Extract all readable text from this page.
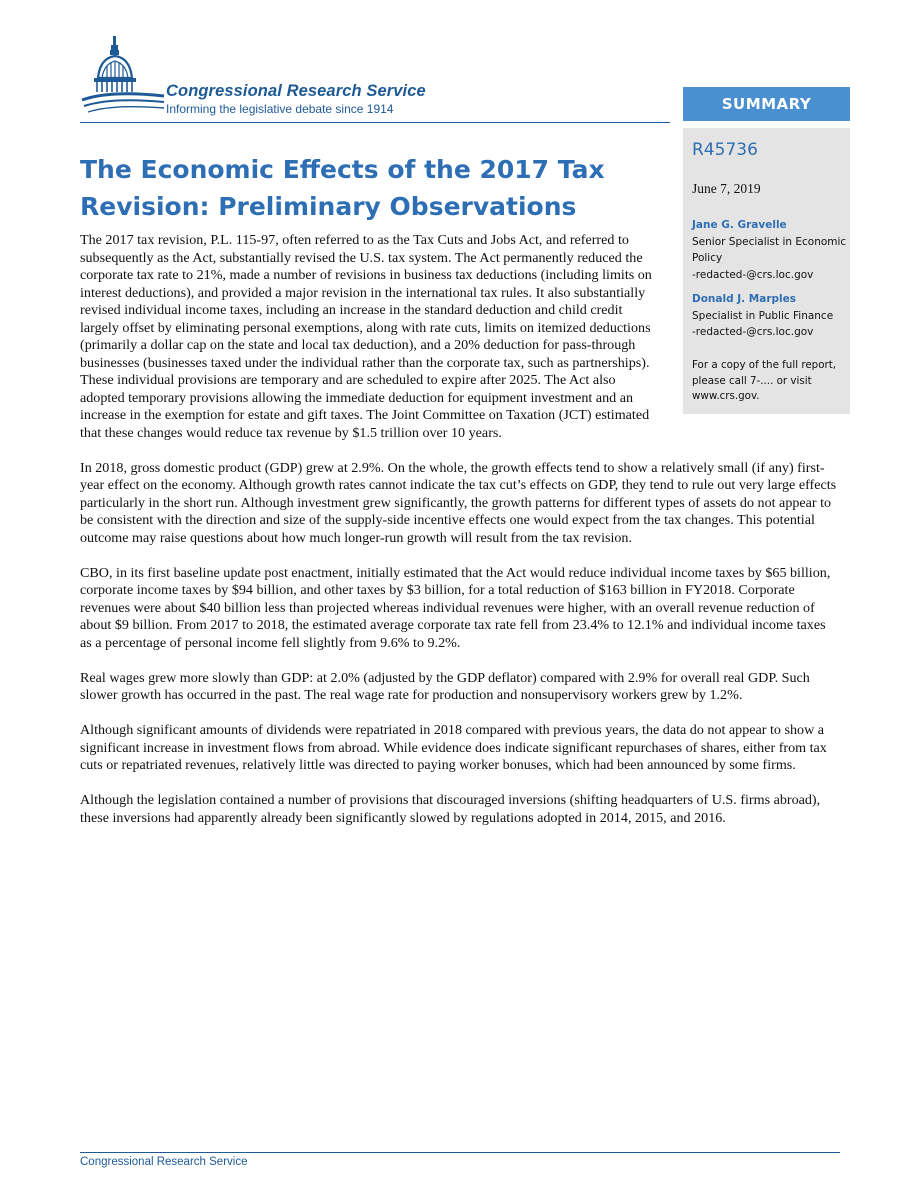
Congressional Research Service
Informing the legislative debate since 1914	SUMMARY
R45736
June 7, 2019
Jane G. Gravelle
Senior Specialist in Economic Policy
-redacted-@crs.loc.gov
Donald J. Marples
Specialist in Public Finance
-redacted-@crs.loc.gov
For a copy of the full report, please call 7-.... or visit www.crs.gov.
The Economic Effects of the 2017 Tax Revision: Preliminary Observations

The 2017 tax revision, P.L. 115-97, often referred to as the Tax Cuts and Jobs Act, and referred to subsequently as the Act, substantially revised the U.S. tax system. The Act permanently reduced the corporate tax rate to 21%, made a number of revisions in business tax deductions (including limits on interest deductions), and provided a major revision in the international tax rules. It also substantially revised individual income taxes, including an increase in the standard deduction and child credit largely offset by eliminating personal exemptions, along with rate cuts, limits on itemized deductions (primarily a dollar cap on the state and local tax deduction), and a 20% deduction for pass-through businesses (businesses taxed under the individual rather than the corporate tax, such as partnerships). These individual provisions are temporary and are scheduled to expire after 2025. The Act also adopted temporary provisions allowing the immediate deduction for equipment investment and an increase in the exemption for estate and gift taxes. The Joint Committee on Taxation (JCT) estimated that these changes would reduce tax revenue by $1.5 trillion over 10 years.

In 2018, gross domestic product (GDP) grew at 2.9%. On the whole, the growth effects tend to show a relatively small (if any) first-year effect on the economy. Although growth rates cannot indicate the tax cut’s effects on GDP, they tend to rule out very large effects particularly in the short run. Although investment grew significantly, the growth patterns for different types of assets do not appear to be consistent with the direction and size of the supply-side incentive effects one would expect from the tax changes. This potential outcome may raise questions about how much longer-run growth will result from the tax revision.

CBO, in its first baseline update post enactment, initially estimated that the Act would reduce individual income taxes by $65 billion, corporate income taxes by $94 billion, and other taxes by $3 billion, for a total reduction of $163 billion in FY2018. Corporate revenues were about $40 billion less than projected whereas individual revenues were higher, with an overall revenue reduction of about $9 billion. From 2017 to 2018, the estimated average corporate tax rate fell from 23.4% to 12.1% and individual income taxes as a percentage of personal income fell slightly from 9.6% to 9.2%.

Real wages grew more slowly than GDP: at 2.0% (adjusted by the GDP deflator) compared with 2.9% for overall real GDP. Such slower growth has occurred in the past. The real wage rate for production and nonsupervisory workers grew by 1.2%.

Although significant amounts of dividends were repatriated in 2018 compared with previous years, the data do not appear to show a significant increase in investment flows from abroad. While evidence does indicate significant repurchases of shares, either from tax cuts or repatriated revenues, relatively little was directed to paying worker bonuses, which had been announced by some firms.

Although the legislation contained a number of provisions that discouraged inversions (shifting headquarters of U.S. firms abroad), these inversions had apparently already been significantly slowed by regulations adopted in 2014, 2015, and 2016.

Congressional Research Service
